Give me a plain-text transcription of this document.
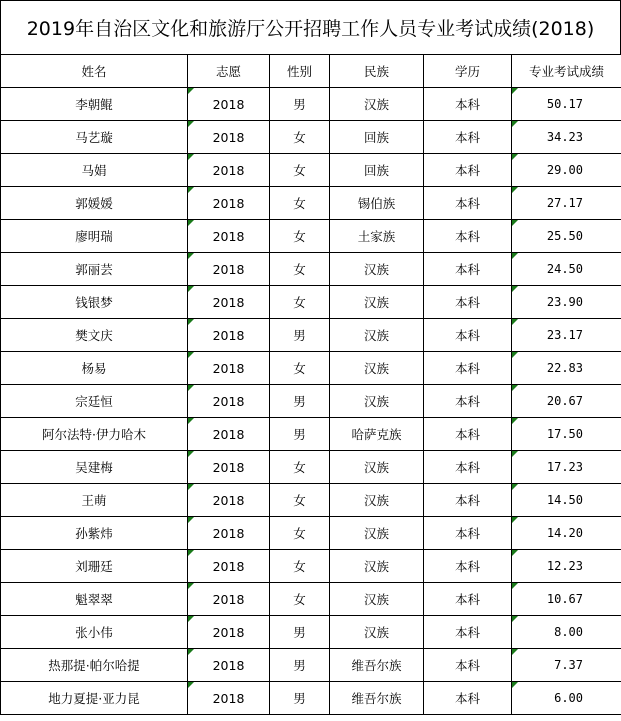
2019年自治区文化和旅游厅公开招聘工作人员专业考试成绩(2018)
姓名	志愿	性别	民族	学历	专业考试成绩
李朝鲲	2018	男	汉族	本科	50.17
马艺璇	2018	女	回族	本科	34.23
马娟	2018	女	回族	本科	29.00
郭媛媛	2018	女	锡伯族	本科	27.17
廖明瑞	2018	女	土家族	本科	25.50
郭丽芸	2018	女	汉族	本科	24.50
钱银梦	2018	女	汉族	本科	23.90
樊文庆	2018	男	汉族	本科	23.17
杨易	2018	女	汉族	本科	22.83
宗廷恒	2018	男	汉族	本科	20.67
阿尔法特·伊力哈木	2018	男	哈萨克族	本科	17.50
吴建梅	2018	女	汉族	本科	17.23
王萌	2018	女	汉族	本科	14.50
孙紫炜	2018	女	汉族	本科	14.20
刘珊廷	2018	女	汉族	本科	12.23
魁翠翠	2018	女	汉族	本科	10.67
张小伟	2018	男	汉族	本科	8.00
热那提·帕尔哈提	2018	男	维吾尔族	本科	7.37
地力夏提·亚力昆	2018	男	维吾尔族	本科	6.00
